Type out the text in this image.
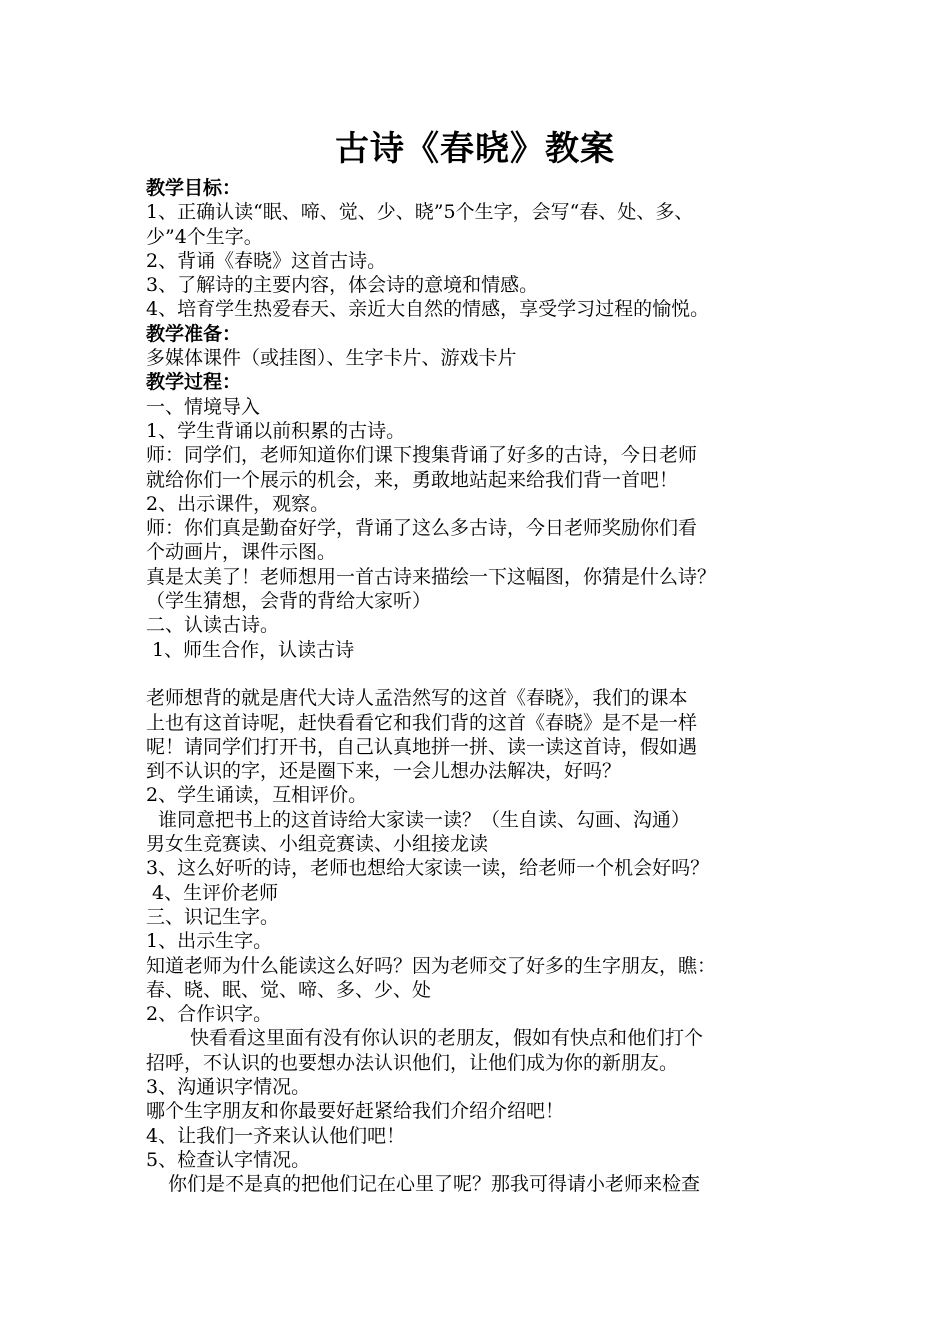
古诗《春晓》教案
教学目标：
1、正确认读“眠、啼、觉、少、晓”5个生字，会写“春、处、多、
少”4个生字。
2、背诵《春晓》这首古诗。
3、了解诗的主要内容，体会诗的意境和情感。
4、培育学生热爱春天、亲近大自然的情感，享受学习过程的愉悦。
教学准备：
多媒体课件（或挂图）、生字卡片、游戏卡片
教学过程：
一、情境导入
1、学生背诵以前积累的古诗。
师：同学们，老师知道你们课下搜集背诵了好多的古诗，今日老师
就给你们一个展示的机会，来，勇敢地站起来给我们背一首吧！
2、出示课件，观察。
师：你们真是勤奋好学，背诵了这么多古诗，今日老师奖励你们看
个动画片，课件示图。
真是太美了！老师想用一首古诗来描绘一下这幅图，你猜是什么诗？
（学生猜想，会背的背给大家听）
二、认读古诗。
1、师生合作，认读古诗
老师想背的就是唐代大诗人孟浩然写的这首《春晓》，我们的课本
上也有这首诗呢，赶快看看它和我们背的这首《春晓》是不是一样
呢！请同学们打开书，自己认真地拼一拼、读一读这首诗，假如遇
到不认识的字，还是圈下来，一会儿想办法解决，好吗？
2、学生诵读，互相评价。
谁同意把书上的这首诗给大家读一读？（生自读、勾画、沟通）
男女生竞赛读、小组竞赛读、小组接龙读
3、这么好听的诗，老师也想给大家读一读，给老师一个机会好吗？
4、生评价老师
三、识记生字。
1、出示生字。
知道老师为什么能读这么好吗？因为老师交了好多的生字朋友，瞧：
春、晓、眠、觉、啼、多、少、处
2、合作识字。
快看看这里面有没有你认识的老朋友，假如有快点和他们打个
招呼，不认识的也要想办法认识他们，让他们成为你的新朋友。
3、沟通识字情况。
哪个生字朋友和你最要好赶紧给我们介绍介绍吧！
4、让我们一齐来认认他们吧！
5、检查认字情况。
你们是不是真的把他们记在心里了呢？那我可得请小老师来检查
